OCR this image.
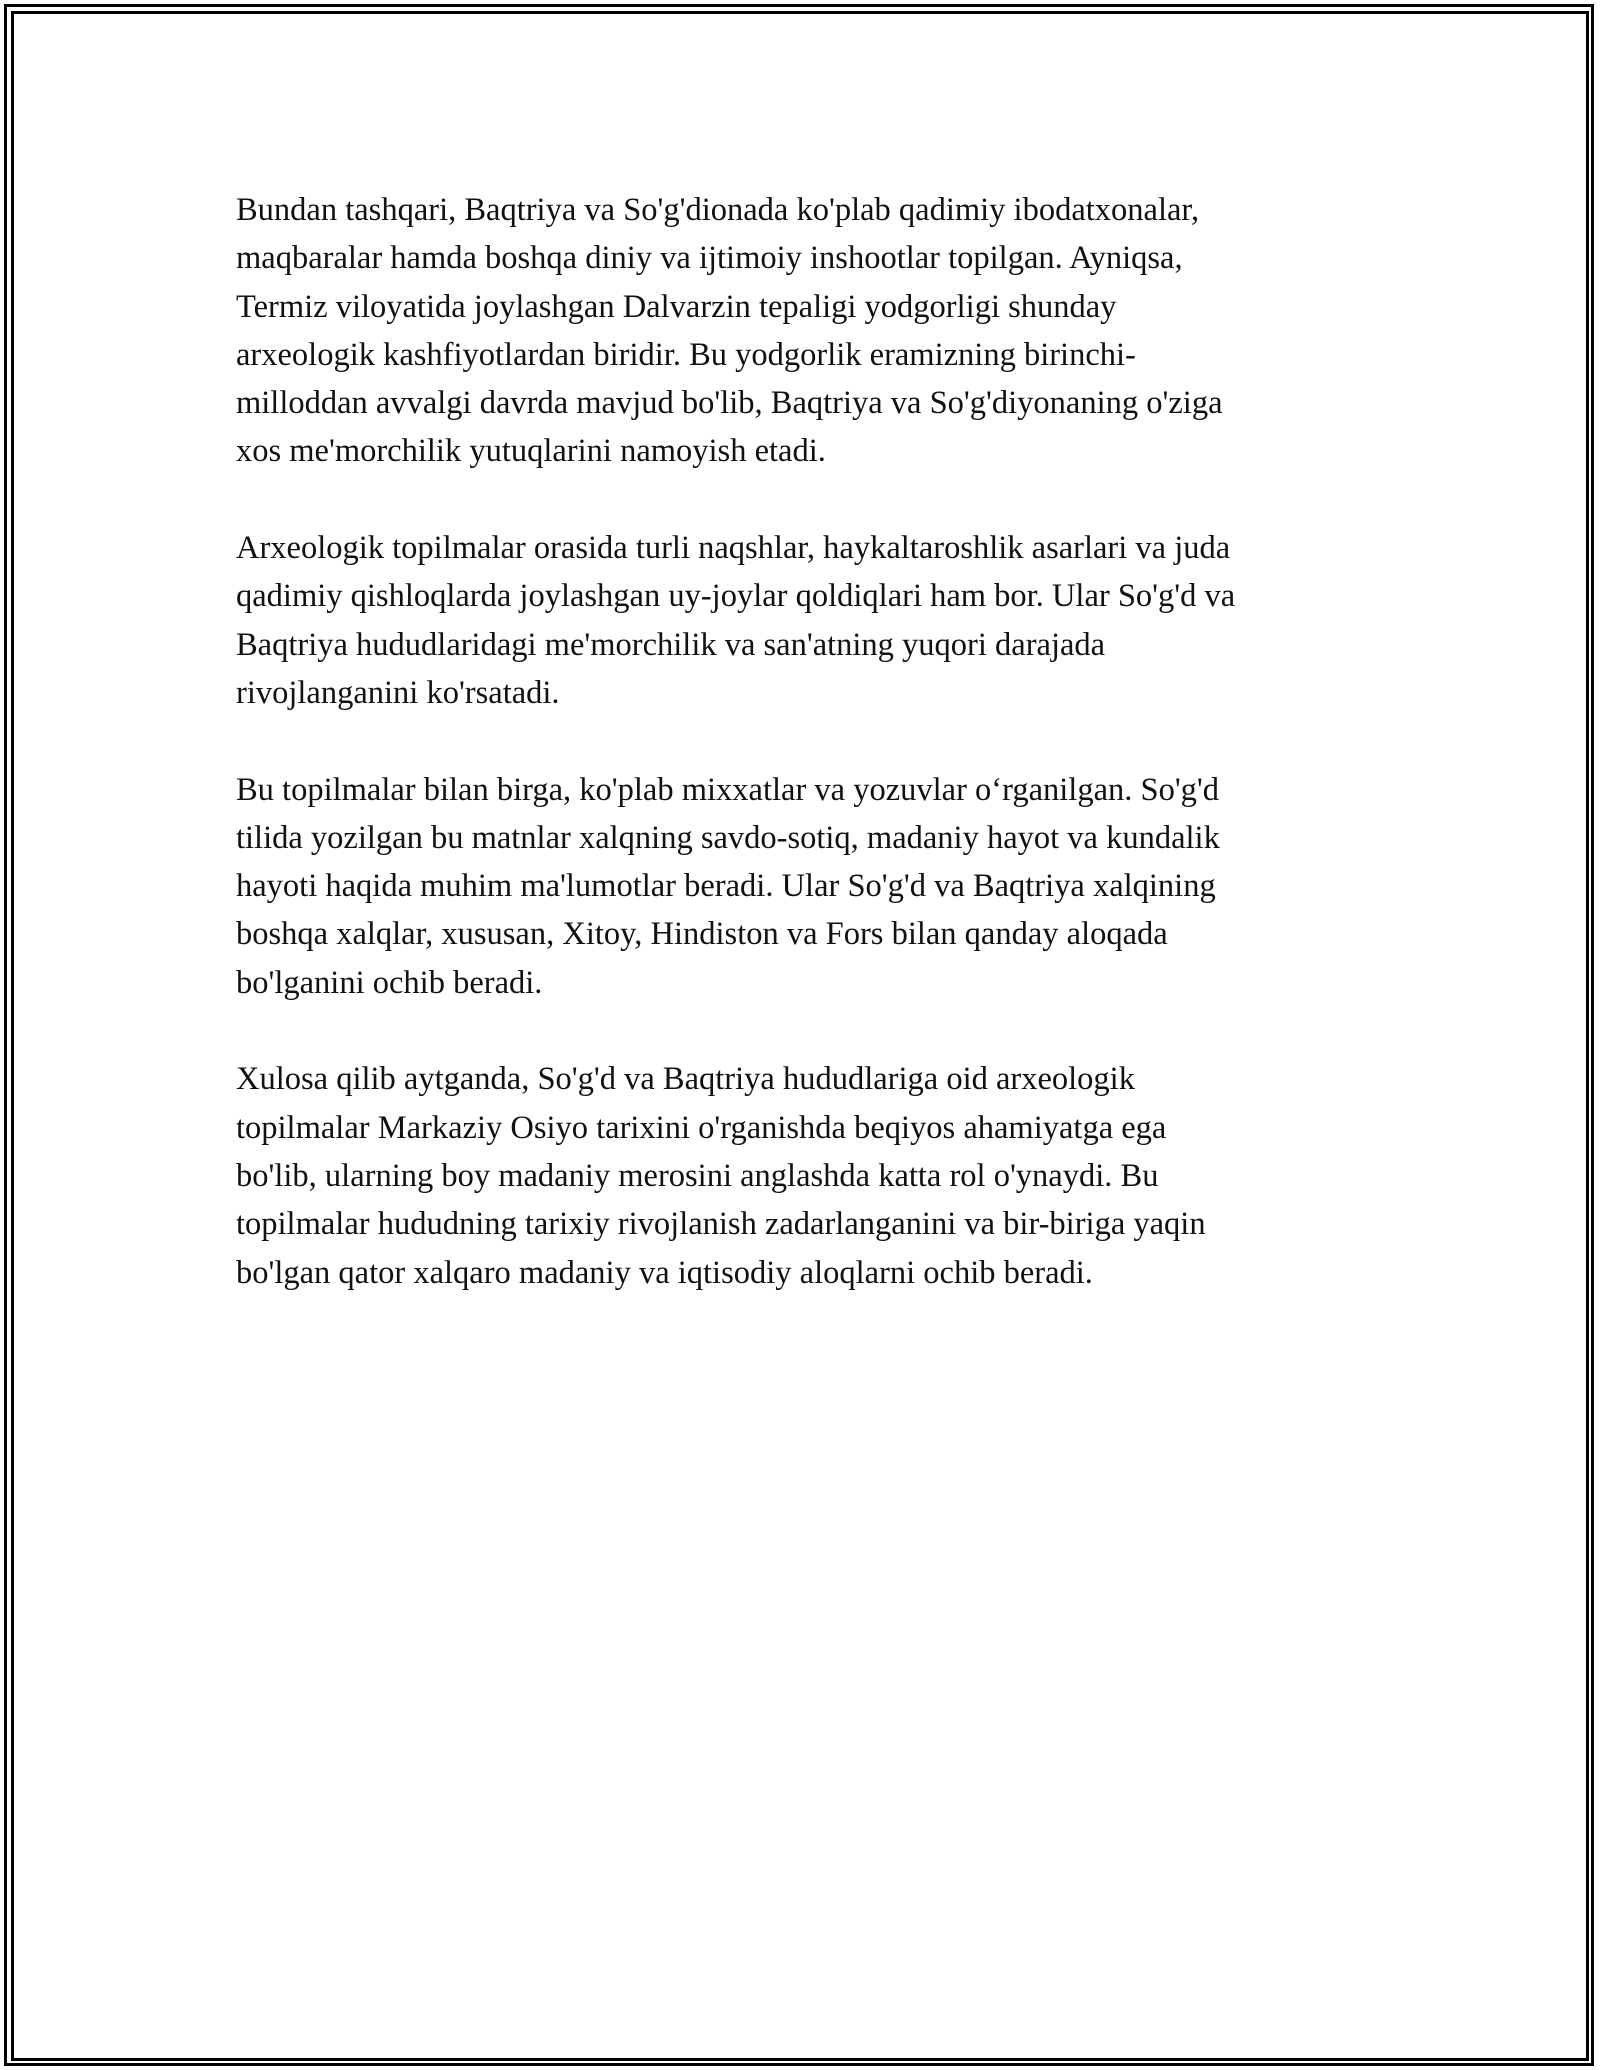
Bundan tashqari, Baqtriya va So'g'dionada ko'plab qadimiy ibodatxonalar,
maqbaralar hamda boshqa diniy va ijtimoiy inshootlar topilgan. Ayniqsa,
Termiz viloyatida joylashgan Dalvarzin tepaligi yodgorligi shunday
arxeologik kashfiyotlardan biridir. Bu yodgorlik eramizning birinchi-
milloddan avvalgi davrda mavjud bo'lib, Baqtriya va So'g'diyonaning o'ziga
xos me'morchilik yutuqlarini namoyish etadi.

Arxeologik topilmalar orasida turli naqshlar, haykaltaroshlik asarlari va juda
qadimiy qishloqlarda joylashgan uy-joylar qoldiqlari ham bor. Ular So'g'd va
Baqtriya hududlaridagi me'morchilik va san'atning yuqori darajada
rivojlanganini ko'rsatadi.

Bu topilmalar bilan birga, ko'plab mixxatlar va yozuvlar o‘rganilgan. So'g'd
tilida yozilgan bu matnlar xalqning savdo-sotiq, madaniy hayot va kundalik
hayoti haqida muhim ma'lumotlar beradi. Ular So'g'd va Baqtriya xalqining
boshqa xalqlar, xususan, Xitoy, Hindiston va Fors bilan qanday aloqada
bo'lganini ochib beradi.

Xulosa qilib aytganda, So'g'd va Baqtriya hududlariga oid arxeologik
topilmalar Markaziy Osiyo tarixini o'rganishda beqiyos ahamiyatga ega
bo'lib, ularning boy madaniy merosini anglashda katta rol o'ynaydi. Bu
topilmalar hududning tarixiy rivojlanish zadarlanganini va bir-biriga yaqin
bo'lgan qator xalqaro madaniy va iqtisodiy aloqlarni ochib beradi.
